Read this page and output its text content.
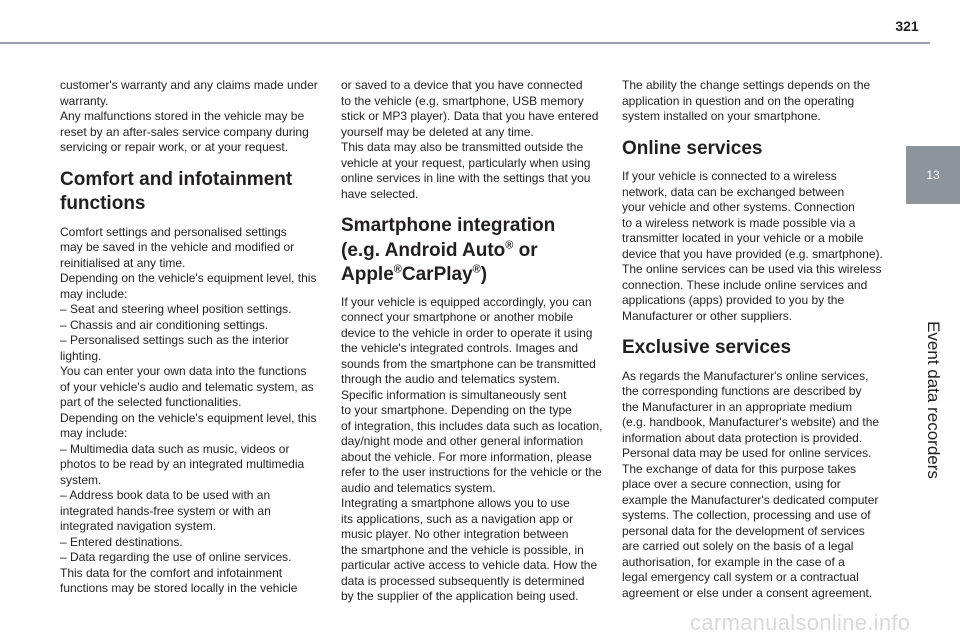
321
13
Event data recorders

customer's warranty and any claims made under
warranty.
Any malfunctions stored in the vehicle may be
reset by an after-sales service company during
servicing or repair work, or at your request.

Comfort and infotainment
functions

Comfort settings and personalised settings
may be saved in the vehicle and modified or
reinitialised at any time.
Depending on the vehicle's equipment level, this
may include:
– Seat and steering wheel position settings.
– Chassis and air conditioning settings.
– Personalised settings such as the interior
lighting.
You can enter your own data into the functions
of your vehicle's audio and telematic system, as
part of the selected functionalities.
Depending on the vehicle's equipment level, this
may include:
– Multimedia data such as music, videos or
photos to be read by an integrated multimedia
system.
– Address book data to be used with an
integrated hands-free system or with an
integrated navigation system.
– Entered destinations.
– Data regarding the use of online services.
This data for the comfort and infotainment
functions may be stored locally in the vehicle

or saved to a device that you have connected
to the vehicle (e.g. smartphone, USB memory
stick or MP3 player). Data that you have entered
yourself may be deleted at any time.
This data may also be transmitted outside the
vehicle at your request, particularly when using
online services in line with the settings that you
have selected.

Smartphone integration
(e.g. Android Auto® or
Apple®CarPlay®)

If your vehicle is equipped accordingly, you can
connect your smartphone or another mobile
device to the vehicle in order to operate it using
the vehicle's integrated controls. Images and
sounds from the smartphone can be transmitted
through the audio and telematics system.
Specific information is simultaneously sent
to your smartphone. Depending on the type
of integration, this includes data such as location,
day/night mode and other general information
about the vehicle. For more information, please
refer to the user instructions for the vehicle or the
audio and telematics system.
Integrating a smartphone allows you to use
its applications, such as a navigation app or
music player. No other integration between
the smartphone and the vehicle is possible, in
particular active access to vehicle data. How the
data is processed subsequently is determined
by the supplier of the application being used.

The ability the change settings depends on the
application in question and on the operating
system installed on your smartphone.

Online services

If your vehicle is connected to a wireless
network, data can be exchanged between
your vehicle and other systems. Connection
to a wireless network is made possible via a
transmitter located in your vehicle or a mobile
device that you have provided (e.g. smartphone).
The online services can be used via this wireless
connection. These include online services and
applications (apps) provided to you by the
Manufacturer or other suppliers.

Exclusive services

As regards the Manufacturer's online services,
the corresponding functions are described by
the Manufacturer in an appropriate medium
(e.g. handbook, Manufacturer's website) and the
information about data protection is provided.
Personal data may be used for online services.
The exchange of data for this purpose takes
place over a secure connection, using for
example the Manufacturer's dedicated computer
systems. The collection, processing and use of
personal data for the development of services
are carried out solely on the basis of a legal
authorisation, for example in the case of a
legal emergency call system or a contractual
agreement or else under a consent agreement.

carmanualsonline.info
